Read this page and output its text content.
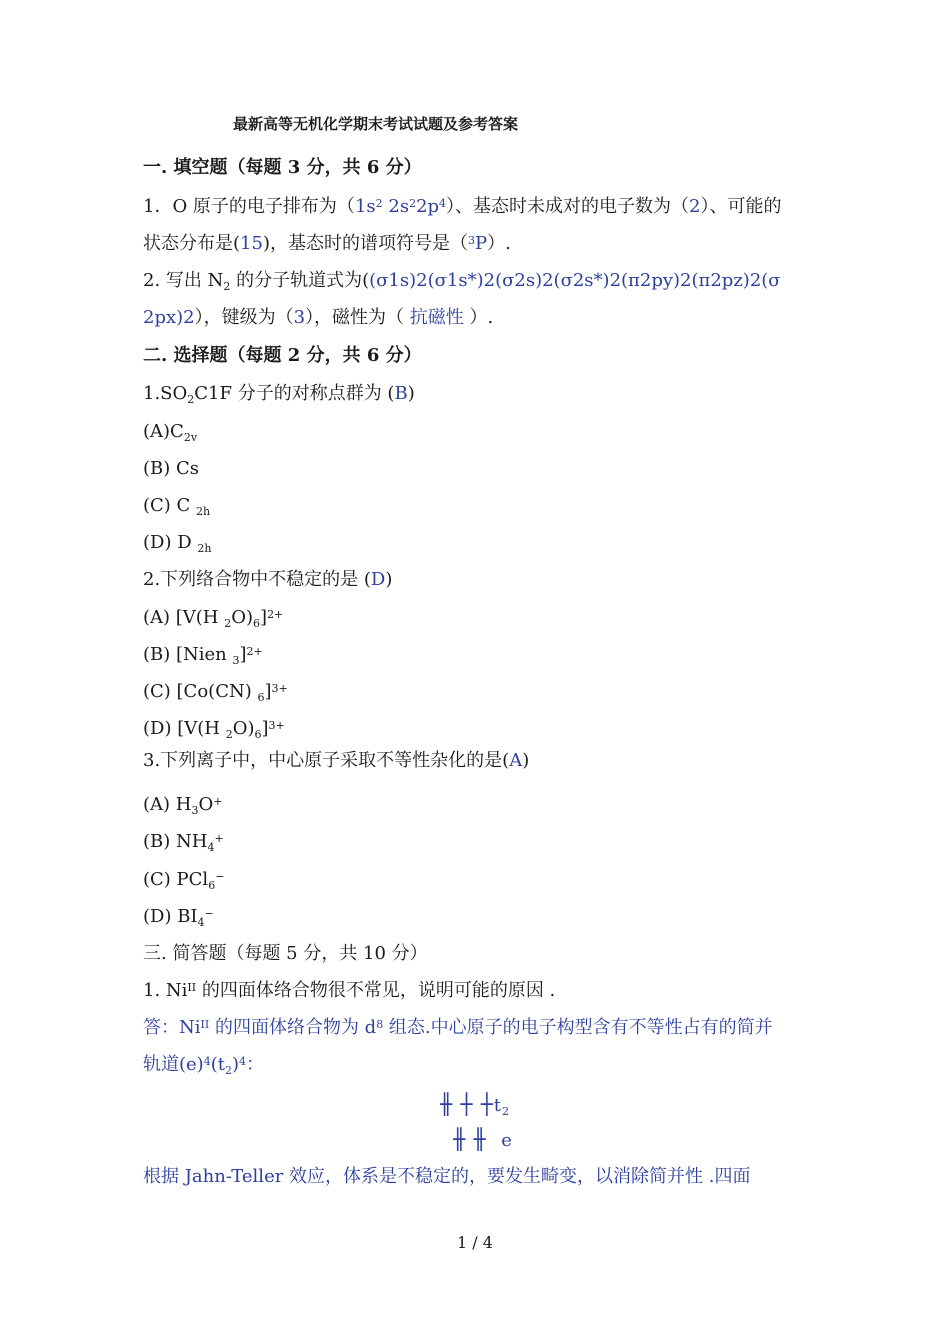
最新高等无机化学期末考试试题及参考答案
一. 填空题（每题 3 分，共 6 分）
1．O 原子的电子排布为（$1s^2$ $2s^22p^4$）、基态时未成对的电子数为（2）、可能的
状态分布是(15)，基态时的谱项符号是（$^3$P）.
2. 写出 $N_2$ 的分子轨道式为((σ1s)2(σ1s*)2(σ2s)2(σ2s*)2(π2py)2(π2pz)2(σ
2px)2），键级为（3），磁性为（ 抗磁性 ）.
二. 选择题（每题 2 分，共 6 分）
$1.SO_2C1F$ 分子的对称点群为 (B)
$(A)C_{2v}$
(B) Cs
(C) C $_{2h}$
(D) D $_{2h}$
2.下列络合物中不稳定的是 (D)
(A) [V(H $_2O)_6]^{2+}$
(B) [Nien $_3$]$^{2+}$
(C) [Co(CN) $_6$]$^{3+}$
(D) [V(H $_2O)_6]^{3+}$
3.下列离子中，中心原子采取不等性杂化的是(A)
(A) $H_3O^+$
(B) $NH_4^+$
(C) PCl$_6$−
(D) $BI_4^-$
三. 简答题（每题 5 分，共 10 分）
1. $Ni^{II}$ 的四面体络合物很不常见，说明可能的原因 .
答：$Ni^{II}$ 的四面体络合物为 $d^8$ 组态.中心原子的电子构型含有不等性占有的简并
轨道$(e)^4(t_2)^4$：
╫ ┼ $┼t_2$
╫ ╫ e
根据 Jahn-Teller 效应，体系是不稳定的，要发生畸变，以消除简并性 .四面
1 / 4
